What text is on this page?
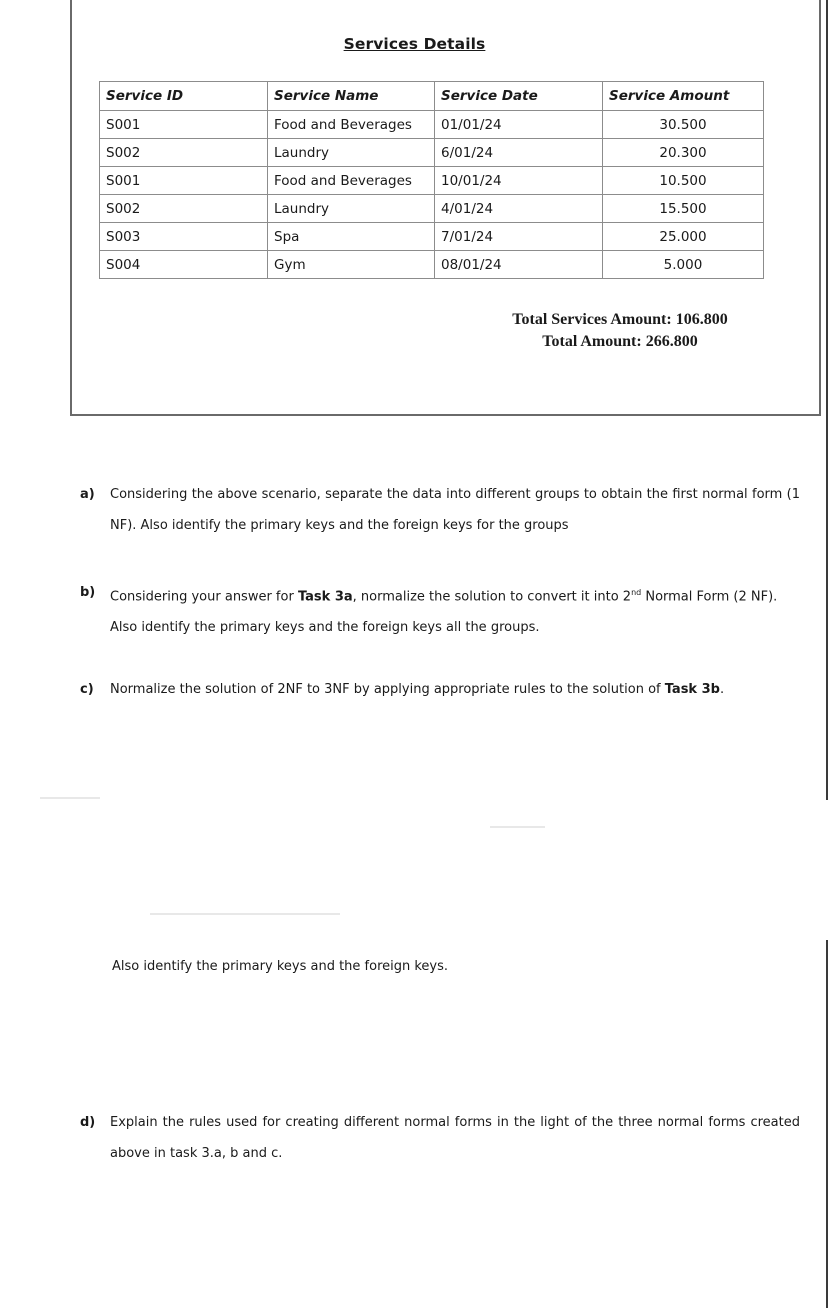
Services Details
Service ID	Service Name	Service Date	Service Amount
S001	Food and Beverages	01/01/24	30.500
S002	Laundry	6/01/24	20.300
S001	Food and Beverages	10/01/24	10.500
S002	Laundry	4/01/24	15.500
S003	Spa	7/01/24	25.000
S004	Gym	08/01/24	5.000
Total Services Amount: 106.800
Total Amount: 266.800
a) Considering the above scenario, separate the data into different groups to obtain the first normal form (1 NF). Also identify the primary keys and the foreign keys for the groups
b) Considering your answer for Task 3a, normalize the solution to convert it into 2nd Normal Form (2 NF). Also identify the primary keys and the foreign keys all the groups.
c) Normalize the solution of 2NF to 3NF by applying appropriate rules to the solution of Task 3b.
Also identify the primary keys and the foreign keys.
d) Explain the rules used for creating different normal forms in the light of the three normal forms created above in task 3.a, b and c.
